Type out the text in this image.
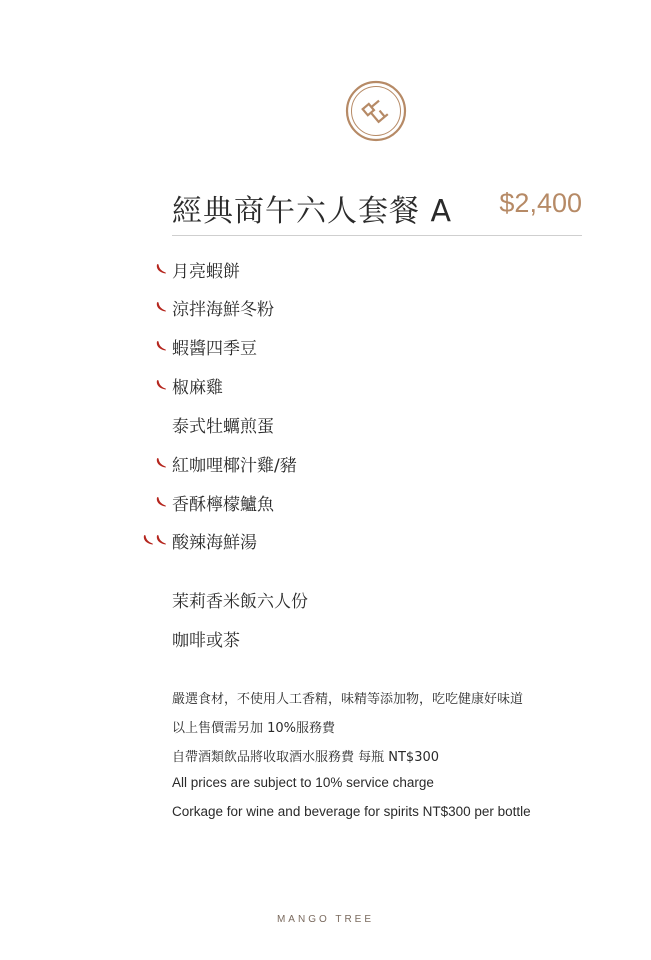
經典商午六人套餐 A $2,400
月亮蝦餅
涼拌海鮮冬粉
蝦醬四季豆
椒麻雞
泰式牡蠣煎蛋
紅咖哩椰汁雞/豬
香酥檸檬鱸魚
酸辣海鮮湯
茉莉香米飯六人份
咖啡或茶
嚴選食材，不使用人工香精，味精等添加物，吃吃健康好味道
以上售價需另加 10%服務費
自帶酒類飲品將收取酒水服務費 每瓶 NT$300
All prices are subject to 10% service charge
Corkage for wine and beverage for spirits NT$300 per bottle
MANGO TREE
